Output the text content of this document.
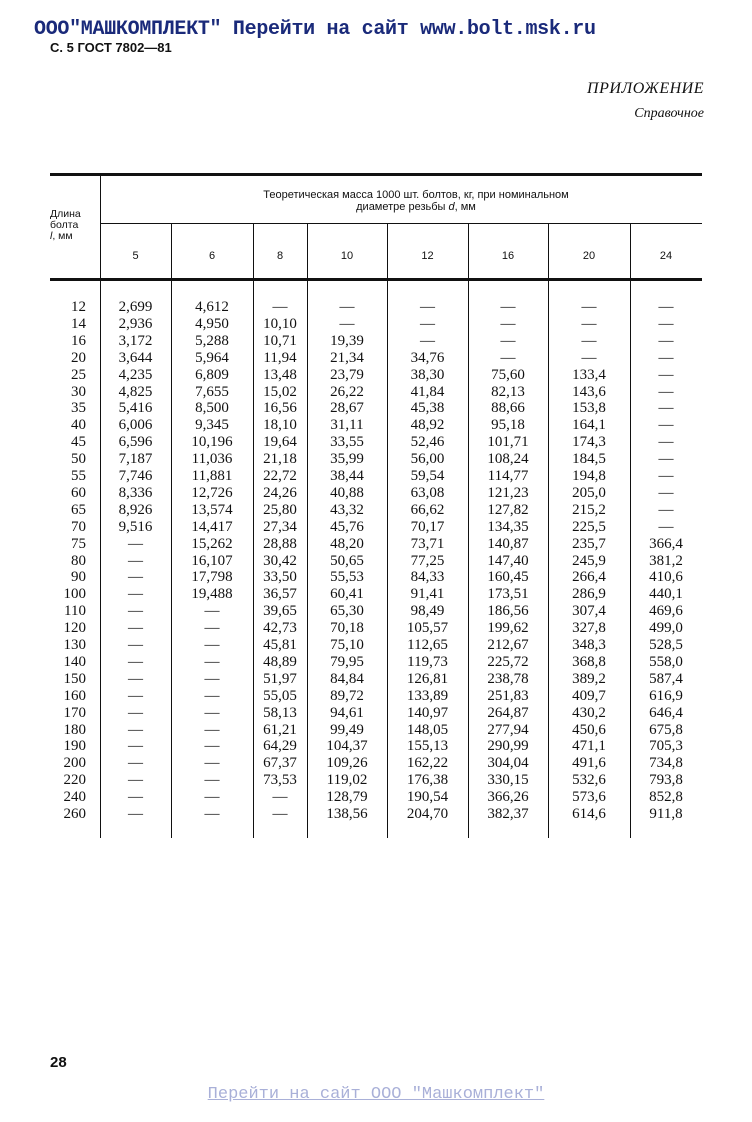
ООО"МАШКОМПЛЕКТ" Перейти на сайт www.bolt.msk.ru
С. 5 ГОСТ 7802—81
ПРИЛОЖЕНИЕ
Справочное
Длина
болта
l, мм
Теоретическая масса 1000 шт. болтов, кг, при номинальном
диаметре резьбы d, мм
5	6	8	10	12	16	20	24
12	2,699	4,612	—	—	—	—	—	—
14	2,936	4,950	10,10	—	—	—	—	—
16	3,172	5,288	10,71	19,39	—	—	—	—
20	3,644	5,964	11,94	21,34	34,76	—	—	—
25	4,235	6,809	13,48	23,79	38,30	75,60	133,4	—
30	4,825	7,655	15,02	26,22	41,84	82,13	143,6	—
35	5,416	8,500	16,56	28,67	45,38	88,66	153,8	—
40	6,006	9,345	18,10	31,11	48,92	95,18	164,1	—
45	6,596	10,196	19,64	33,55	52,46	101,71	174,3	—
50	7,187	11,036	21,18	35,99	56,00	108,24	184,5	—
55	7,746	11,881	22,72	38,44	59,54	114,77	194,8	—
60	8,336	12,726	24,26	40,88	63,08	121,23	205,0	—
65	8,926	13,574	25,80	43,32	66,62	127,82	215,2	—
70	9,516	14,417	27,34	45,76	70,17	134,35	225,5	—
75	—	15,262	28,88	48,20	73,71	140,87	235,7	366,4
80	—	16,107	30,42	50,65	77,25	147,40	245,9	381,2
90	—	17,798	33,50	55,53	84,33	160,45	266,4	410,6
100	—	19,488	36,57	60,41	91,41	173,51	286,9	440,1
110	—	—	39,65	65,30	98,49	186,56	307,4	469,6
120	—	—	42,73	70,18	105,57	199,62	327,8	499,0
130	—	—	45,81	75,10	112,65	212,67	348,3	528,5
140	—	—	48,89	79,95	119,73	225,72	368,8	558,0
150	—	—	51,97	84,84	126,81	238,78	389,2	587,4
160	—	—	55,05	89,72	133,89	251,83	409,7	616,9
170	—	—	58,13	94,61	140,97	264,87	430,2	646,4
180	—	—	61,21	99,49	148,05	277,94	450,6	675,8
190	—	—	64,29	104,37	155,13	290,99	471,1	705,3
200	—	—	67,37	109,26	162,22	304,04	491,6	734,8
220	—	—	73,53	119,02	176,38	330,15	532,6	793,8
240	—	—	—	128,79	190,54	366,26	573,6	852,8
260	—	—	—	138,56	204,70	382,37	614,6	911,8
28
Перейти на сайт ООО "Машкомплект"
